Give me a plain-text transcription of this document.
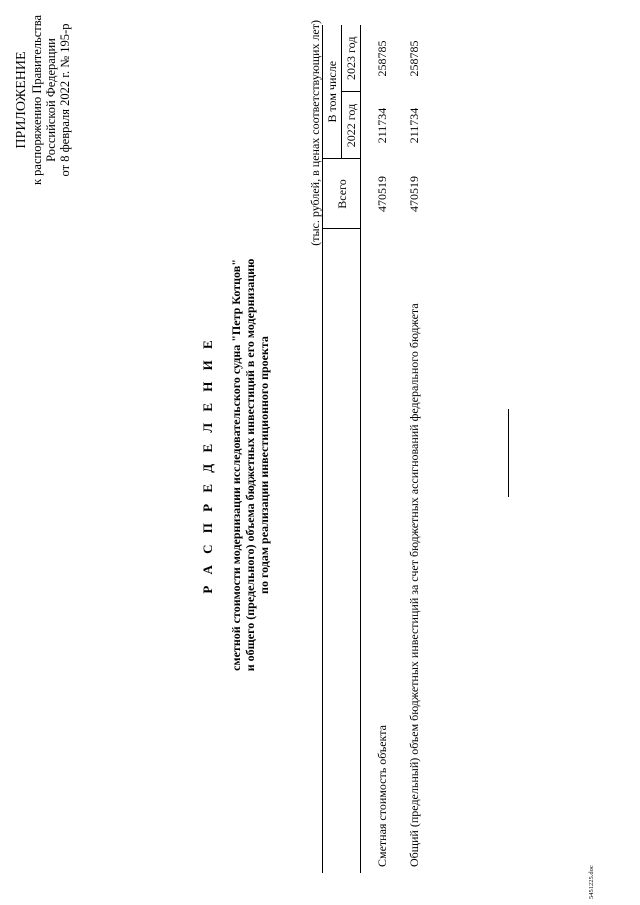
ПРИЛОЖЕНИЕ к распоряжению Правительства Российской Федерации от 8 февраля 2022 г. № 195-р
Р А С П Р Е Д Е Л Е Н И Е сметной стоимости модернизации исследовательского судна "Петр Котцов" и общего (предельного) объема бюджетных инвестиций в его модернизацию по годам реализации инвестиционного проекта
(тыс. рублей, в ценах соответствующих лет)
	Всего	В том числе	
		2022 год	2023 год
Сметная стоимость объекта	470519	211734	258785
Общий (предельный) объем бюджетных инвестиций за счет бюджетных ассигнований федерального бюджета	470519	211734	258785
5451225.doc
